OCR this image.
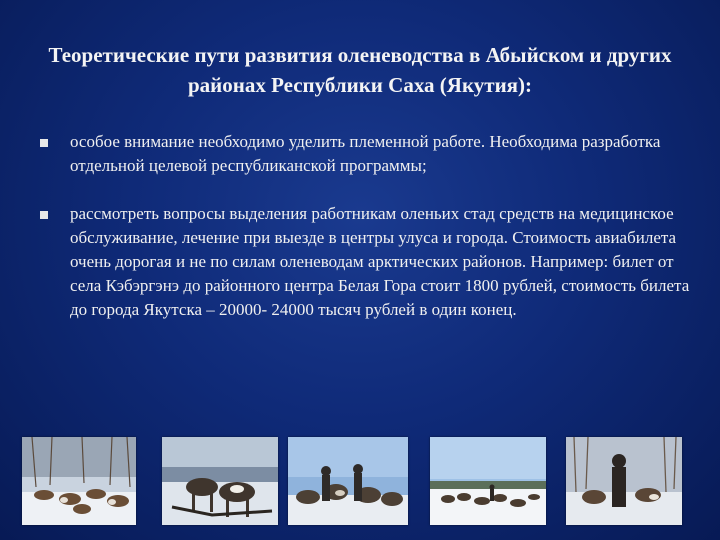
Теоретические пути развития оленеводства в Абыйском и других районах Республики Саха (Якутия):
особое внимание необходимо уделить племенной работе. Необходима разработка отдельной целевой республиканской программы;
рассмотреть вопросы выделения работникам оленьих стад средств на медицинское обслуживание, лечение при выезде в центры улуса и города. Стоимость авиабилета очень дорогая и не по силам оленеводам арктических районов. Например: билет от села Кэбэргэнэ до районного центра Белая Гора стоит 1800 рублей, стоимость билета до города Якутска – 20000- 24000 тысяч рублей в один конец.
